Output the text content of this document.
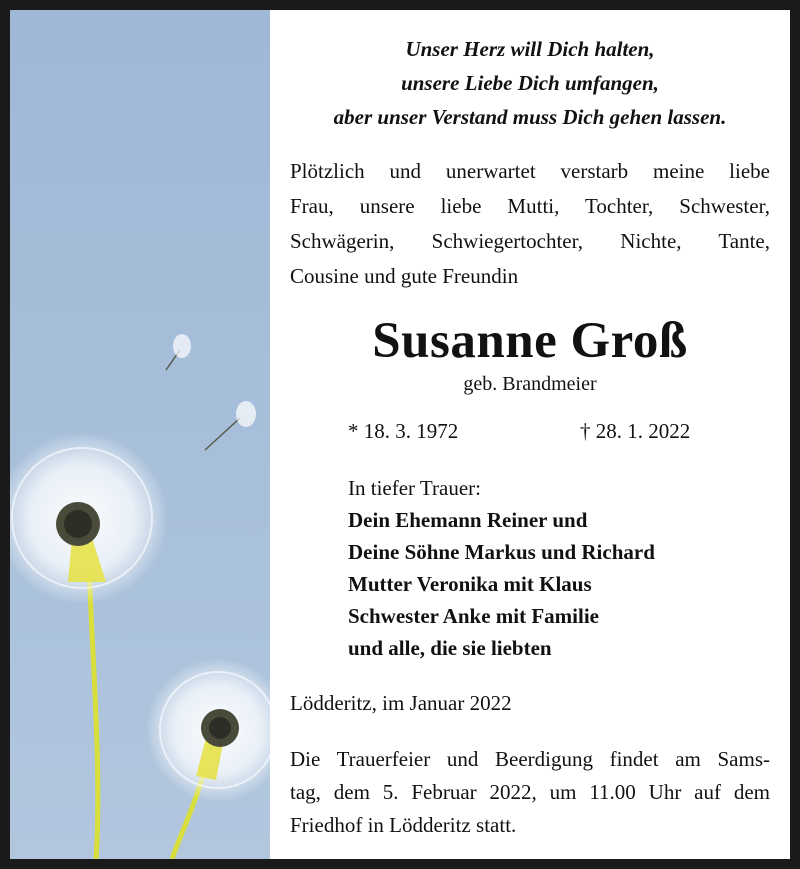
Unser Herz will Dich halten,
unsere Liebe Dich umfangen,
aber unser Verstand muss Dich gehen lassen.
Plötzlich und unerwartet verstarb meine liebe
Frau, unsere liebe Mutti, Tochter, Schwester,
Schwägerin, Schwiegertochter, Nichte, Tante,
Cousine und gute Freundin
Susanne Groß
geb. Brandmeier
* 18. 3. 1972	† 28. 1. 2022
In tiefer Trauer:
Dein Ehemann Reiner und
Deine Söhne Markus und Richard
Mutter Veronika mit Klaus
Schwester Anke mit Familie
und alle, die sie liebten
Lödderitz, im Januar 2022
Die Trauerfeier und Beerdigung findet am Sams-
tag, dem 5. Februar 2022, um 11.00 Uhr auf dem
Friedhof in Lödderitz statt.
